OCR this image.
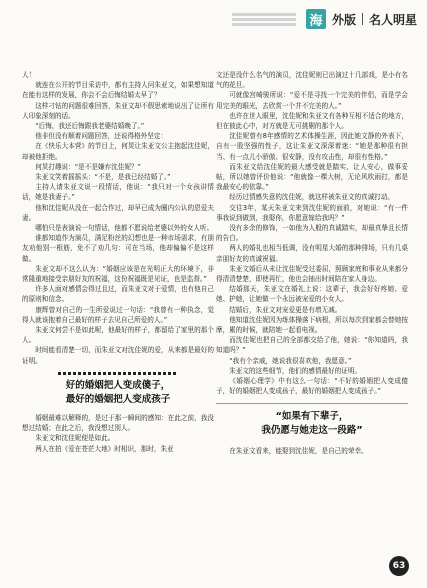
海 外版 名人明星

人！

就连在公开的节目采访中，都有主持人问朱亚文，如果想知道在能有这样的发展，你会不会后悔结婚太早了？

这样刁钻的问题很难回答，朱亚文却不假思索地说出了让所有人印象深刻的话。

“后悔，我还后悔跟我老婆结婚晚了。”

他非但没有顺着问题回答，还说得格外坚定：

在《快乐大本营》的节目上，何炅让朱亚文公主抱起沈佳妮，却被他拒绝。

何炅打趣说：“是不是嫌弃沈佳妮？”

朱亚文笑着摇摇头：“不是，是我已经结婚了。”

主持人请朱亚文说一段情话，他说：“我只对一个女孩讲情话，她是我妻子。”

他和沈佳妮从没在一起合作过，却早已成为圈内公认的恩爱夫妻。

哪怕只是表演说一句情话，他都不愿说给老婆以外的女人听。

谁都知道作为演员，满足粉丝的幻想也是一种市场需求，有朋友劝他别一根筋，免不了劝几句：可在当场，他却偏偏不是这样做。

朱亚文却不这么认为：“婚姻应该是在光明正大的环境下，非常隆重地接受亲朋好友的祝福，这份祝福既是见证，也是监督。”

许多人面对感情会得过且过，而朱亚文对于爱情，也有他自己的原则和信念。

康辉曾对自己的一生所爱说过一句话：“我曾有一种执念，觉得人就该抱着自己最好的样子去见自己所爱的人。”

朱亚文何尝不是如此呢，他最好的样子，都留给了家里的那个人。

时间能看清楚一切，而朱亚文对沈佳妮的爱，从来都是最好的证明。

好的婚姻把人变成傻子，
最好的婚姻把人变成孩子

婚姻最难以解释的，是过于那一瞬间的感知：在此之前，我没想过结婚；在此之后，我没想过别人。

朱亚文和沈佳妮便是如此。

两人在拍《爱在苍茫大地》时相识，那时，朱亚

文还是没什么名气的演员，沈佳妮则已出演过十几部戏，是小有名气的花旦。

可就像宫崎骏所说：“爱不是寻找一个完美的伴侣，而是学会用完美的眼光，去欣赏一个并不完美的人。”

也许在世人眼里，沈佳妮和朱亚文有各种互相不适合的地方，但在彼此心中，对方就是无可挑剔的那个人。

沈佳妮曾有8年感情的艺术体操生涯，因此她文静的外表下，自有一股坚强的性子，这让朱亚文深深着迷：“她是那种很有担当、有一点儿小骄傲、很安静，没有攻击性，却很有性格。”

而朱亚文给沈佳妮的最大感受就是踏实、让人安心，做事妥帖，所以她曾评价他说：“他就像一棵大树，无论风吹雨打，都是我最安心的依靠。”

经历过情感失意的沈佳妮，就这样被朱亚文的真诚打动。

交往3年，某天朱亚文来到沈佳妮的面前，对她说：“有一件事我说到做到，我娶你，你愿意嫁给我吗？”

没有多余的修饰，一如他为人般的真诚踏实，却最真挚且长情的告白。

两人的婚礼也相当低调，没有明星大婚的那种排场，只有几桌亲朋好友的真诚祝福。

朱亚文婚后从未让沈佳妮受过委屈，照顾家庭和事业从来都分得清清楚楚，即使再忙，他也会抽出时间陪在家人身边。

结婚那天，朱亚文在婚礼上说：这辈子，我会好好疼她、爱她、护她，让她做一个永远被宠爱的小女人。

结婚后，朱亚文对宠爱更是有增无减。

他知道沈佳妮因为练体操落下病根，所以每次到家都会替她按摩，累的时候，就陪她一起看电视。

而沈佳妮也把自己的全部都交给了他，她说：“你知道吗，我知道吗？”

“我有个亲戚，她说我很喜欢他，我愿意。”

朱亚文的这些细节，他们的感情最好的证明。

《婚姻心理学》中有这么一句话：“不好的婚姻把人变成傻子，好的婚姻把人变成孩子，最好的婚姻把人变成孩子。”

“如果有下辈子，
我仍愿与她走这一段路”

在朱亚文看来，能娶到沈佳妮，是自己的荣幸。

63
